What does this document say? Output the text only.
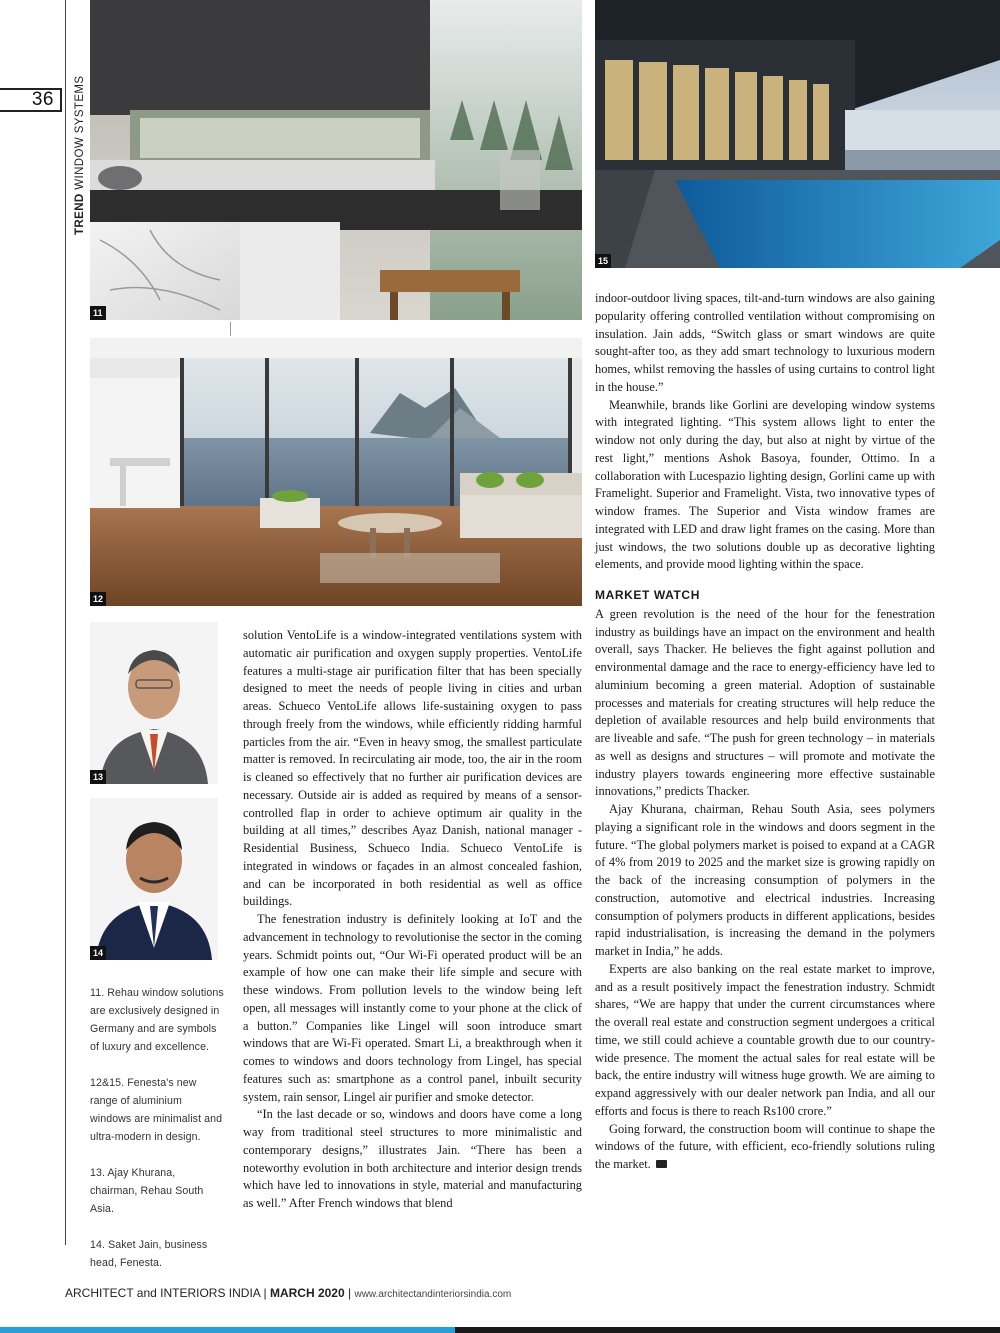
36
TREND WINDOW SYSTEMS
11
15
12
13
14

11. Rehau window solutions are exclusively designed in Germany and are symbols of luxury and excellence.

12&15. Fenesta's new range of aluminium windows are minimalist and ultra-modern in design.

13. Ajay Khurana, chairman, Rehau South Asia.

14. Saket Jain, business head, Fenesta.

solution VentoLife is a window-integrated ventilations system with automatic air purification and oxygen supply properties. VentoLife features a multi-stage air purification filter that has been specially designed to meet the needs of people living in cities and urban areas. Schueco VentoLife allows life-sustaining oxygen to pass through freely from the windows, while efficiently ridding harmful particles from the air. “Even in heavy smog, the smallest particulate matter is removed. In recirculating air mode, too, the air in the room is cleaned so effectively that no further air purification devices are necessary. Outside air is added as required by means of a sensor-controlled flap in order to achieve optimum air quality in the building at all times,” describes Ayaz Danish, national manager - Residential Business, Schueco India. Schueco VentoLife is integrated in windows or façades in an almost concealed fashion, and can be incorporated in both residential as well as office buildings.

The fenestration industry is definitely looking at IoT and the advancement in technology to revolutionise the sector in the coming years. Schmidt points out, “Our Wi-Fi operated product will be an example of how one can make their life simple and secure with these windows. From pollution levels to the window being left open, all messages will instantly come to your phone at the click of a button.” Companies like Lingel will soon introduce smart windows that are Wi-Fi operated. Smart Li, a breakthrough when it comes to windows and doors technology from Lingel, has special features such as: smartphone as a control panel, inbuilt security system, rain sensor, Lingel air purifier and smoke detector.

“In the last decade or so, windows and doors have come a long way from traditional steel structures to more minimalistic and contemporary designs,” illustrates Jain. “There has been a noteworthy evolution in both architecture and interior design trends which have led to innovations in style, material and manufacturing as well.” After French windows that blend

indoor-outdoor living spaces, tilt-and-turn windows are also gaining popularity offering controlled ventilation without compromising on insulation. Jain adds, “Switch glass or smart windows are quite sought-after too, as they add smart technology to luxurious modern homes, whilst removing the hassles of using curtains to control light in the house.”

Meanwhile, brands like Gorlini are developing window systems with integrated lighting. “This system allows light to enter the window not only during the day, but also at night by virtue of the rest light,” mentions Ashok Basoya, founder, Ottimo. In a collaboration with Lucespazio lighting design, Gorlini came up with Framelight. Superior and Framelight. Vista, two innovative types of window frames. The Superior and Vista window frames are integrated with LED and draw light frames on the casing. More than just windows, the two solutions double up as decorative lighting elements, and provide mood lighting within the space.

MARKET WATCH

A green revolution is the need of the hour for the fenestration industry as buildings have an impact on the environment and health overall, says Thacker. He believes the fight against pollution and environmental damage and the race to energy-efficiency have led to aluminium becoming a green material. Adoption of sustainable processes and materials for creating structures will help reduce the depletion of available resources and help build environments that are liveable and safe. “The push for green technology – in materials as well as designs and structures – will promote and motivate the industry players towards engineering more effective sustainable innovations,” predicts Thacker.

Ajay Khurana, chairman, Rehau South Asia, sees polymers playing a significant role in the windows and doors segment in the future. “The global polymers market is poised to expand at a CAGR of 4% from 2019 to 2025 and the market size is growing rapidly on the back of the increasing consumption of polymers in the construction, automotive and electrical industries. Increasing consumption of polymers products in different applications, besides rapid industrialisation, is increasing the demand in the polymers market in India,” he adds.

Experts are also banking on the real estate market to improve, and as a result positively impact the fenestration industry. Schmidt shares, “We are happy that under the current circumstances where the overall real estate and construction segment undergoes a critical time, we still could achieve a countable growth due to our country-wide presence. The moment the actual sales for real estate will be back, the entire industry will witness huge growth. We are aiming to expand aggressively with our dealer network pan India, and all our efforts and focus is there to reach Rs100 crore.”

Going forward, the construction boom will continue to shape the windows of the future, with efficient, eco-friendly solutions ruling the market.

ARCHITECT and INTERIORS INDIA | MARCH 2020 | www.architectandinteriorsindia.com
